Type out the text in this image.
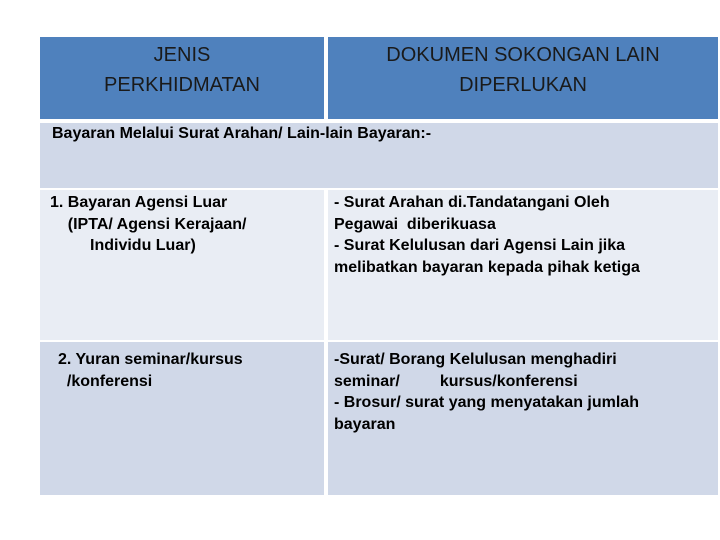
JENIS
PERKHIDMATAN
DOKUMEN SOKONGAN LAIN
DIPERLUKAN
Bayaran Melalui Surat Arahan/ Lain-lain Bayaran:-
1. Bayaran Agensi Luar
(IPTA/ Agensi Kerajaan/
Individu Luar)
- Surat Arahan di.Tandatangani Oleh
Pegawai  diberikuasa
- Surat Kelulusan dari Agensi Lain jika
melibatkan bayaran kepada pihak ketiga
2. Yuran seminar/kursus
/konferensi
-Surat/ Borang Kelulusan menghadiri
seminar/         kursus/konferensi
- Brosur/ surat yang menyatakan jumlah
bayaran
